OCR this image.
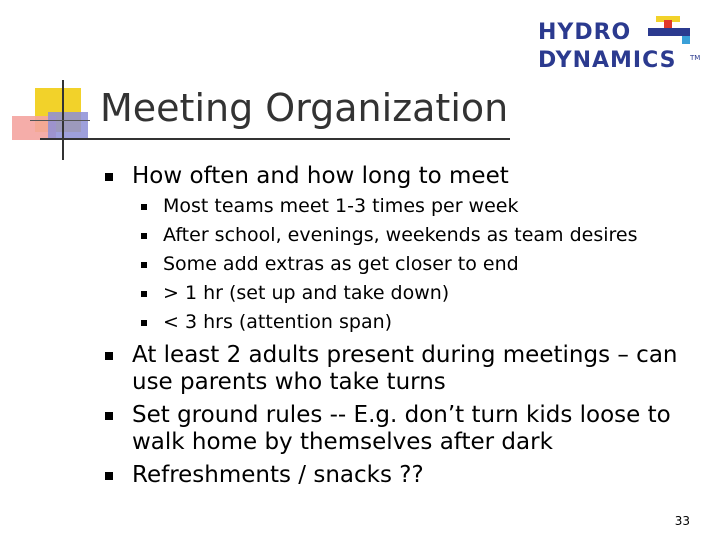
Meeting Organization
HYDRO
DYNAMICS TM
How often and how long to meet
Most teams meet 1-3 times per week
After school, evenings, weekends as team desires
Some add extras as get closer to end
> 1 hr (set up and take down)
< 3 hrs (attention span)
At least 2 adults present during meetings – can use parents who take turns
Set ground rules -- E.g. don’t turn kids loose to walk home by themselves after dark
Refreshments / snacks ??
33
